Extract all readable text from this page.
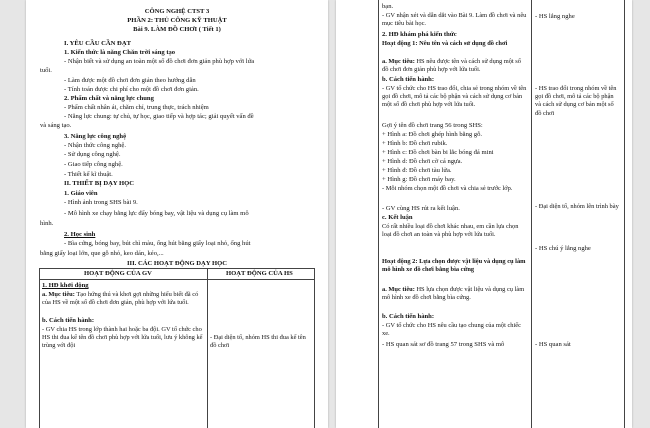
CÔNG NGHỆ CTST 3
PHẦN 2: THỦ CÔNG KỸ THUẬT
Bài 9. LÀM ĐỒ CHƠI ( Tiết 1)
I. YÊU CẦU CẦN ĐẠT
1. Kiến thức là năng Chăn trời sáng tạo
- Nhận biết và sử dụng an toàn một số đồ chơi đơn giản phù hợp với lứa
tuổi.
- Làm được một đồ chơi đơn giản theo hướng dẫn
- Tính toán được chi phí cho một đồ chơi đơn giản.
2. Phẩm chất và năng lực chung
- Phẩm chất nhân ái, chăm chỉ, trung thực, trách nhiệm
- Năng lực chung: tự chủ, tự học, giao tiếp và hợp tác; giải quyết vấn đề
và sáng tạo.
3. Năng lực công nghệ
- Nhận thức công nghệ.
- Sử dụng công nghệ.
- Giao tiếp công nghệ.
- Thiết kế kĩ thuật.
II. THIẾT BỊ DẠY HỌC
1. Giáo viên
- Hình ảnh trong SHS bài 9.
- Mô hình xe chạy bằng lực đẩy bóng bay, vật liệu và dụng cụ làm mô
hình.
2. Học sinh
- Bìa cứng, bóng bay, bút chì màu, ống hút bằng giấy loại nhỏ, ống hút
bằng giấy loại lớn, que gỗ nhỏ, keo dán, kéo,...
III. CÁC HOẠT ĐỘNG DẠY HỌC
HOẠT ĐỘNG CỦA GV	HOẠT ĐỘNG CỦA HS
1. HĐ khởi động
a. Mục tiêu: Tạo hứng thú và khơi gợi những hiểu biết đã có của HS về một số đồ chơi đơn giản, phù hợp với lứa tuổi.
b. Cách tiến hành:
- GV chia HS trong lớp thành hai hoặc ba đội. GV tổ chức cho HS thi đua kể tên đồ chơi phù hợp với lứa tuổi, lưu ý không kể trùng với đội
- Đại diện tổ, nhóm HS thi đua kể tên đồ chơi
bạn.
- GV nhận xét và dẫn dắt vào Bài 9. Làm đồ chơi và nêu mục tiêu bài học.
- HS lắng nghe
2. HĐ khám phá kiến thức
Hoạt động 1: Nêu tên và cách sử dụng đồ chơi
a. Mục tiêu: HS nêu được tên và cách sử dụng một số đồ chơi đơn giản phù hợp với lứa tuổi.
b. Cách tiến hành:
- GV tổ chức cho HS trao đổi, chia sẻ trong nhóm về tên gọi đồ chơi, mô tả các bộ phận và cách sử dụng cơ bản một số đồ chơi phù hợp với lứa tuổi.
- HS trao đổi trong nhóm về tên gọi đồ chơi, mô tả các bộ phận và cách sử dụng cơ bản một số đồ chơi
Gợi ý tên đồ chơi trang 56 trong SHS:
+ Hình a: Đồ chơi ghép hình bằng gỗ.
+ Hình b: Đồ chơi rubik.
+ Hình c: Đồ chơi bàn bi lắc bóng đá mini
+ Hình d: Đồ chơi cờ cá ngựa.
+ Hình đ: Đồ chơi tàu lửa.
+ Hình g: Đồ chơi máy bay.
- Mỗi nhóm chọn một đồ chơi và chia sẻ trước lớp.
- Đại diện tổ, nhóm lên trình bày
- GV cùng HS rút ra kết luận.
c. Kết luận
Có rất nhiều loại đồ chơi khác nhau, em cần lựa chọn loại đồ chơi an toàn và phù hợp với lứa tuổi.
- HS chú ý lắng nghe
Hoạt động 2: Lựa chọn được vật liệu và dụng cụ làm mô hình xe đồ chơi bằng bìa cứng
a. Mục tiêu: HS lựa chọn được vật liệu và dụng cụ làm mô hình xe đồ chơi bằng bìa cứng.
b. Cách tiến hành:
- GV tổ chức cho HS nêu cầu tạo chung của một chiếc xe.
- HS quan sát sơ đồ trang 57 trong SHS và mô	- HS quan sát
